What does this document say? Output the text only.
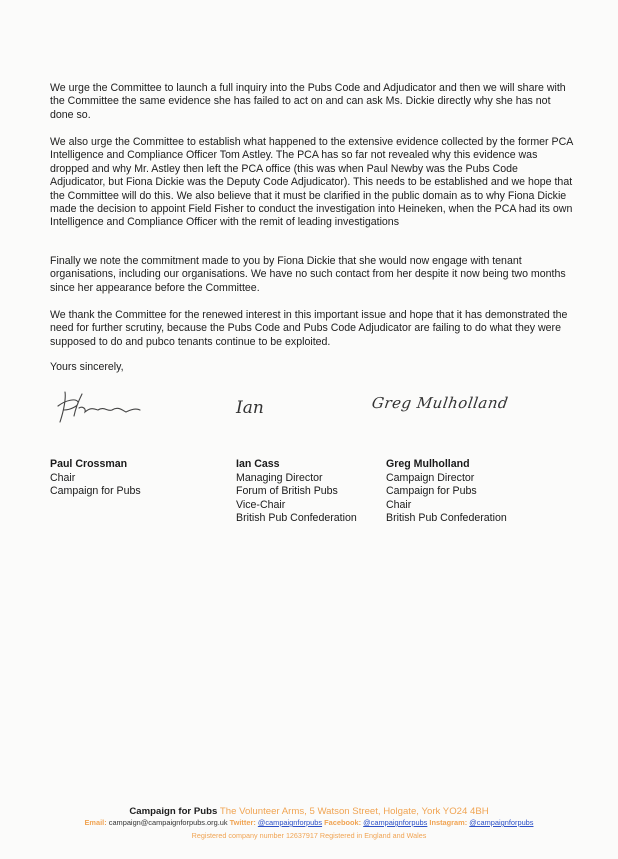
We urge the Committee to launch a full inquiry into the Pubs Code and Adjudicator and then we will share with the Committee the same evidence she has failed to act on and can ask Ms. Dickie directly why she has not done so.

We also urge the Committee to establish what happened to the extensive evidence collected by the former PCA Intelligence and Compliance Officer Tom Astley. The PCA has so far not revealed why this evidence was dropped and why Mr. Astley then left the PCA office (this was when Paul Newby was the Pubs Code Adjudicator, but Fiona Dickie was the Deputy Code Adjudicator). This needs to be established and we hope that the Committee will do this. We also believe that it must be clarified in the public domain as to why Fiona Dickie made the decision to appoint Field Fisher to conduct the investigation into Heineken, when the PCA had its own Intelligence and Compliance Officer with the remit of leading investigations

Finally we note the commitment made to you by Fiona Dickie that she would now engage with tenant organisations, including our organisations. We have no such contact from her despite it now being two months since her appearance before the Committee.

We thank the Committee for the renewed interest in this important issue and hope that it has demonstrated the need for further scrutiny, because the Pubs Code and Pubs Code Adjudicator are failing to do what they were supposed to do and pubco tenants continue to be exploited.

Yours sincerely,

Ian	Greg Mulholland
Paul Crossman
Chair
Campaign for Pubs
Ian Cass
Managing Director
Forum of British Pubs
Vice-Chair
British Pub Confederation
Greg Mulholland
Campaign Director
Campaign for Pubs
Chair
British Pub Confederation
Campaign for Pubs The Volunteer Arms, 5 Watson Street, Holgate, York YO24 4BH
Email: campaign@campaignforpubs.org.uk Twitter: @campaignforpubs Facebook: @campaignforpubs Instagram: @campaignforpubs
Registered company number 12637917 Registered in England and Wales
